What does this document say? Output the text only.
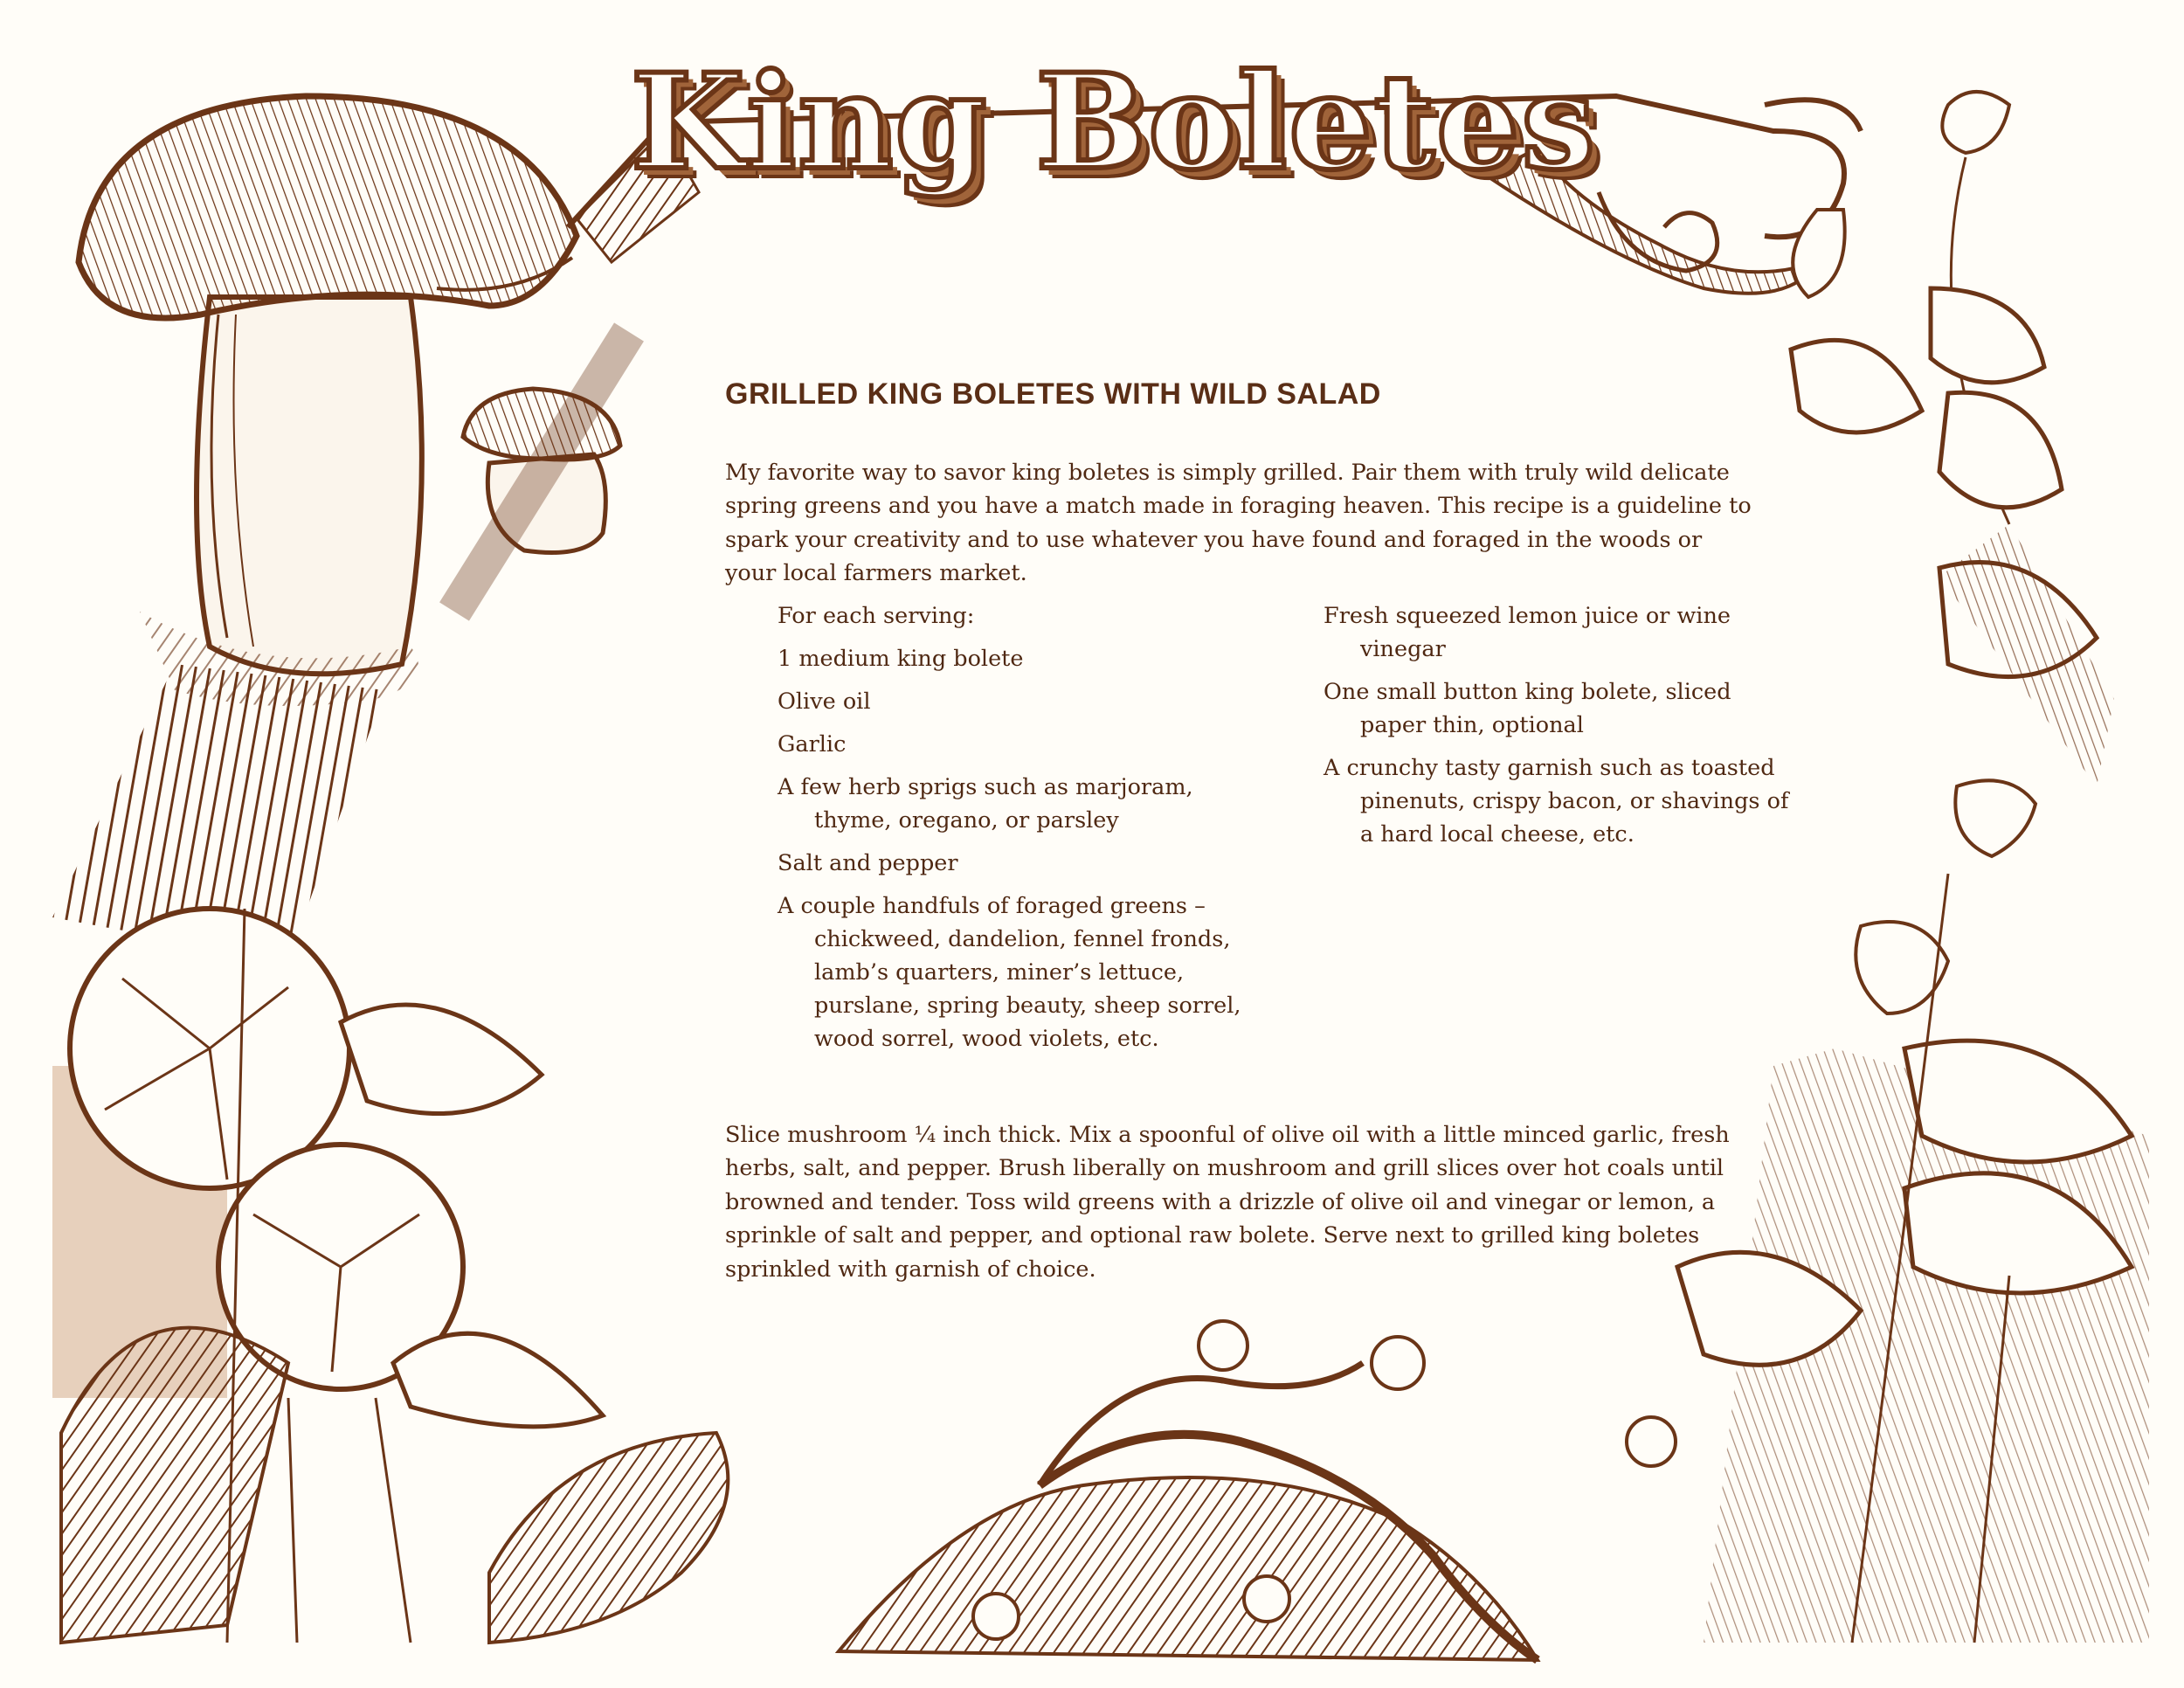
King Boletes
GRILLED KING BOLETES WITH WILD SALAD

My favorite way to savor king boletes is simply grilled. Pair them with truly wild delicate spring greens and you have a match made in foraging heaven. This recipe is a guideline to spark your creativity and to use whatever you have found and foraged in the woods or your local farmers market.

For each serving:
1 medium king bolete
Olive oil
Garlic
A few herb sprigs such as marjoram, thyme, oregano, or parsley
Salt and pepper
A couple handfuls of foraged greens – chickweed, dandelion, fennel fronds, lamb’s quarters, miner’s lettuce, purslane, spring beauty, sheep sorrel, wood sorrel, wood violets, etc.
Fresh squeezed lemon juice or wine vinegar
One small button king bolete, sliced paper thin, optional
A crunchy tasty garnish such as toasted pinenuts, crispy bacon, or shavings of a hard local cheese, etc.

Slice mushroom ¼ inch thick. Mix a spoonful of olive oil with a little minced garlic, fresh herbs, salt, and pepper. Brush liberally on mushroom and grill slices over hot coals until browned and tender. Toss wild greens with a drizzle of olive oil and vinegar or lemon, a sprinkle of salt and pepper, and optional raw bolete. Serve next to grilled king boletes sprinkled with garnish of choice.
